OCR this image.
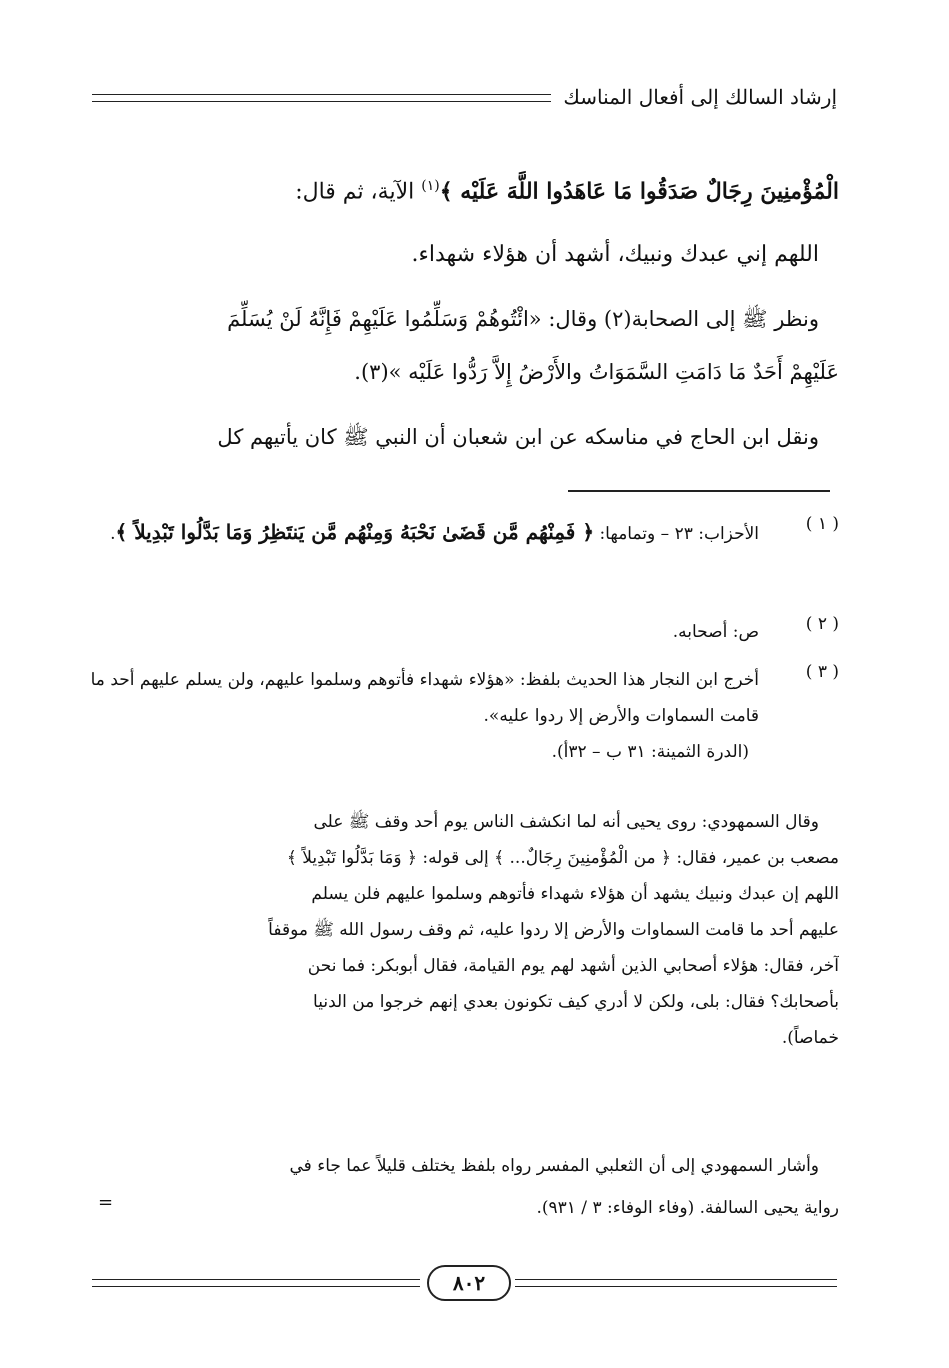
إرشاد السالك إلى أفعال المناسك
الْمُؤْمنِينَ رِجَالٌ صَدَقُوا مَا عَاهَدُوا اللَّهَ عَلَيْه ﴾$^{(١)}$ الآية، ثم قال:
اللهم إني عبدك ونبيك، أشهد أن هؤلاء شهداء.
ونظر ﷺ إلى الصحابة(٢) وقال: «ائْتُوهُمْ وَسَلِّمُوا عَلَيْهِمْ فَإِنَّهُ لَنْ يُسَلِّمَ
عَلَيْهِمْ أَحَدٌ مَا دَامَتِ السَّمَوَاتُ والأَرْضُ إِلاَّ رَدُّوا عَلَيْه »(٣).
ونقل ابن الحاج في مناسكه عن ابن شعبان أن النبي ﷺ كان يأتيهم كل
( ١ )
الأحزاب: ٢٣ – وتمامها: ﴿ فَمِنْهُم مَّن قَضَىٰ نَحْبَهُ وَمِنْهُم مَّن يَنتَظِرُ وَمَا بَدَّلُوا تَبْدِيلاً ﴾.
( ٢ )
ص: أصحابه.
( ٣ )
أخرج ابن النجار هذا الحديث بلفظ: «هؤلاء شهداء فأتوهم وسلموا عليهم، ولن يسلم عليهم أحد ما قامت السماوات والأرض إلا ردوا عليه».
(الدرة الثمينة: ٣١ ب – ٣٢أ).
وقال السمهودي: روى يحيى أنه لما انكشف الناس يوم أحد وقف ﷺ على
مصعب بن عمير، فقال: ﴿ من الْمُؤْمنِينَ رِجَالٌ... ﴾ إلى قوله: ﴿ وَمَا بَدَّلُوا تَبْدِيلاً ﴾
اللهم إن عبدك ونبيك يشهد أن هؤلاء شهداء فأتوهم وسلموا عليهم فلن يسلم
عليهم أحد ما قامت السماوات والأرض إلا ردوا عليه، ثم وقف رسول الله ﷺ موقفاً
آخر، فقال: هؤلاء أصحابي الذين أشهد لهم يوم القيامة، فقال أبوبكر: فما نحن
بأصحابك؟ فقال: بلى، ولكن لا أدري كيف تكونون بعدي إنهم خرجوا من الدنيا
خماصاً).
وأشار السمهودي إلى أن الثعلبي المفسر رواه بلفظ يختلف قليلاً عما جاء في
رواية يحيى السالفة. (وفاء الوفاء: ٣ / ٩٣١).
=
٨٠٢
